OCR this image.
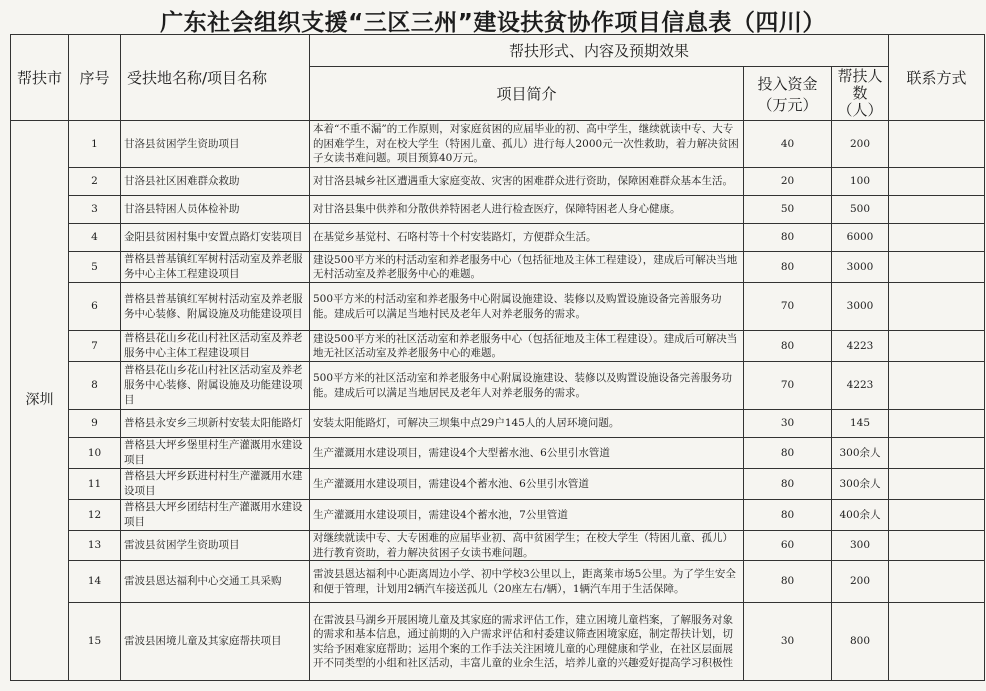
广东社会组织支援“三区三州”建设扶贫协作项目信息表（四川）
帮扶市	序号	受扶地名称/项目名称	帮扶形式、内容及预期效果			联系方式
			项目简介	投入资金（万元）	帮扶人数（人）	
深圳	1	甘洛县贫困学生资助项目	本着“不重不漏”的工作原则，对家庭贫困的应届毕业的初、高中学生，继续就读中专、大专的困难学生，对在校大学生（特困儿童、孤儿）进行每人2000元一次性救助，着力解决贫困子女读书难问题。项目预算40万元。	40	200	
	2	甘洛县社区困难群众救助	对甘洛县城乡社区遭遇重大家庭变故、灾害的困难群众进行资助，保障困难群众基本生活。	20	100	
	3	甘洛县特困人员体检补助	对甘洛县集中供养和分散供养特困老人进行检查医疗，保障特困老人身心健康。	50	500	
	4	金阳县贫困村集中安置点路灯安装项目	在基觉乡基觉村、石咯村等十个村安装路灯，方便群众生活。	80	6000	
	5	普格县普基镇红军树村活动室及养老服务中心主体工程建设项目	建设500平方米的村活动室和养老服务中心（包括征地及主体工程建设），建成后可解决当地无村活动室及养老服务中心的难题。	80	3000	
	6	普格县普基镇红军树村活动室及养老服务中心装修、附属设施及功能建设项目	500平方米的村活动室和养老服务中心附属设施建设、装修以及购置设施设备完善服务功能。建成后可以满足当地村民及老年人对养老服务的需求。	70	3000	
	7	普格县花山乡花山村社区活动室及养老服务中心主体工程建设项目	建设500平方米的社区活动室和养老服务中心（包括征地及主体工程建设）。建成后可解决当地无社区活动室及养老服务中心的难题。	80	4223	
	8	普格县花山乡花山村社区活动室及养老服务中心装修、附属设施及功能建设项目	500平方米的社区活动室和养老服务中心附属设施建设、装修以及购置设施设备完善服务功能。建成后可以满足当地居民及老年人对养老服务的需求。	70	4223	
	9	普格县永安乡三坝新村安装太阳能路灯	安装太阳能路灯，可解决三坝集中点29户145人的人居环境问题。	30	145	
	10	普格县大坪乡堡里村生产灌溉用水建设项目	生产灌溉用水建设项目，需建设4个大型蓄水池、6公里引水管道	80	300余人	
	11	普格县大坪乡跃进村村生产灌溉用水建设项目	生产灌溉用水建设项目，需建设4个蓄水池、6公里引水管道	80	300余人	
	12	普格县大坪乡团结村生产灌溉用水建设项目	生产灌溉用水建设项目，需建设4个蓄水池，7公里管道	80	400余人	
	13	雷波县贫困学生资助项目	对继续就读中专、大专困难的应届毕业初、高中贫困学生；在校大学生（特困儿童、孤儿）进行教育资助，着力解决贫困子女读书难问题。	60	300	
	14	雷波县恩达福利中心交通工具采购	雷波县恩达福利中心距离周边小学、初中学校3公里以上，距离莱市场5公里。为了学生安全和便于管理，计划用2辆汽车接送孤儿（20座左右/辆），1辆汽车用于生活保障。	80	200	
	15	雷波县困境儿童及其家庭帮扶项目	在雷波县马湖乡开展困境儿童及其家庭的需求评估工作，建立困境儿童档案，了解服务对象的需求和基本信息，通过前期的入户需求评估和村委建议筛查困境家庭，制定帮扶计划，切实给予困难家庭帮助；运用个案的工作手法关注困境儿童的心理健康和学业，在社区层面展开不同类型的小组和社区活动，丰富儿童的业余生活，培养儿童的兴趣爱好提高学习积极性	30	800	
